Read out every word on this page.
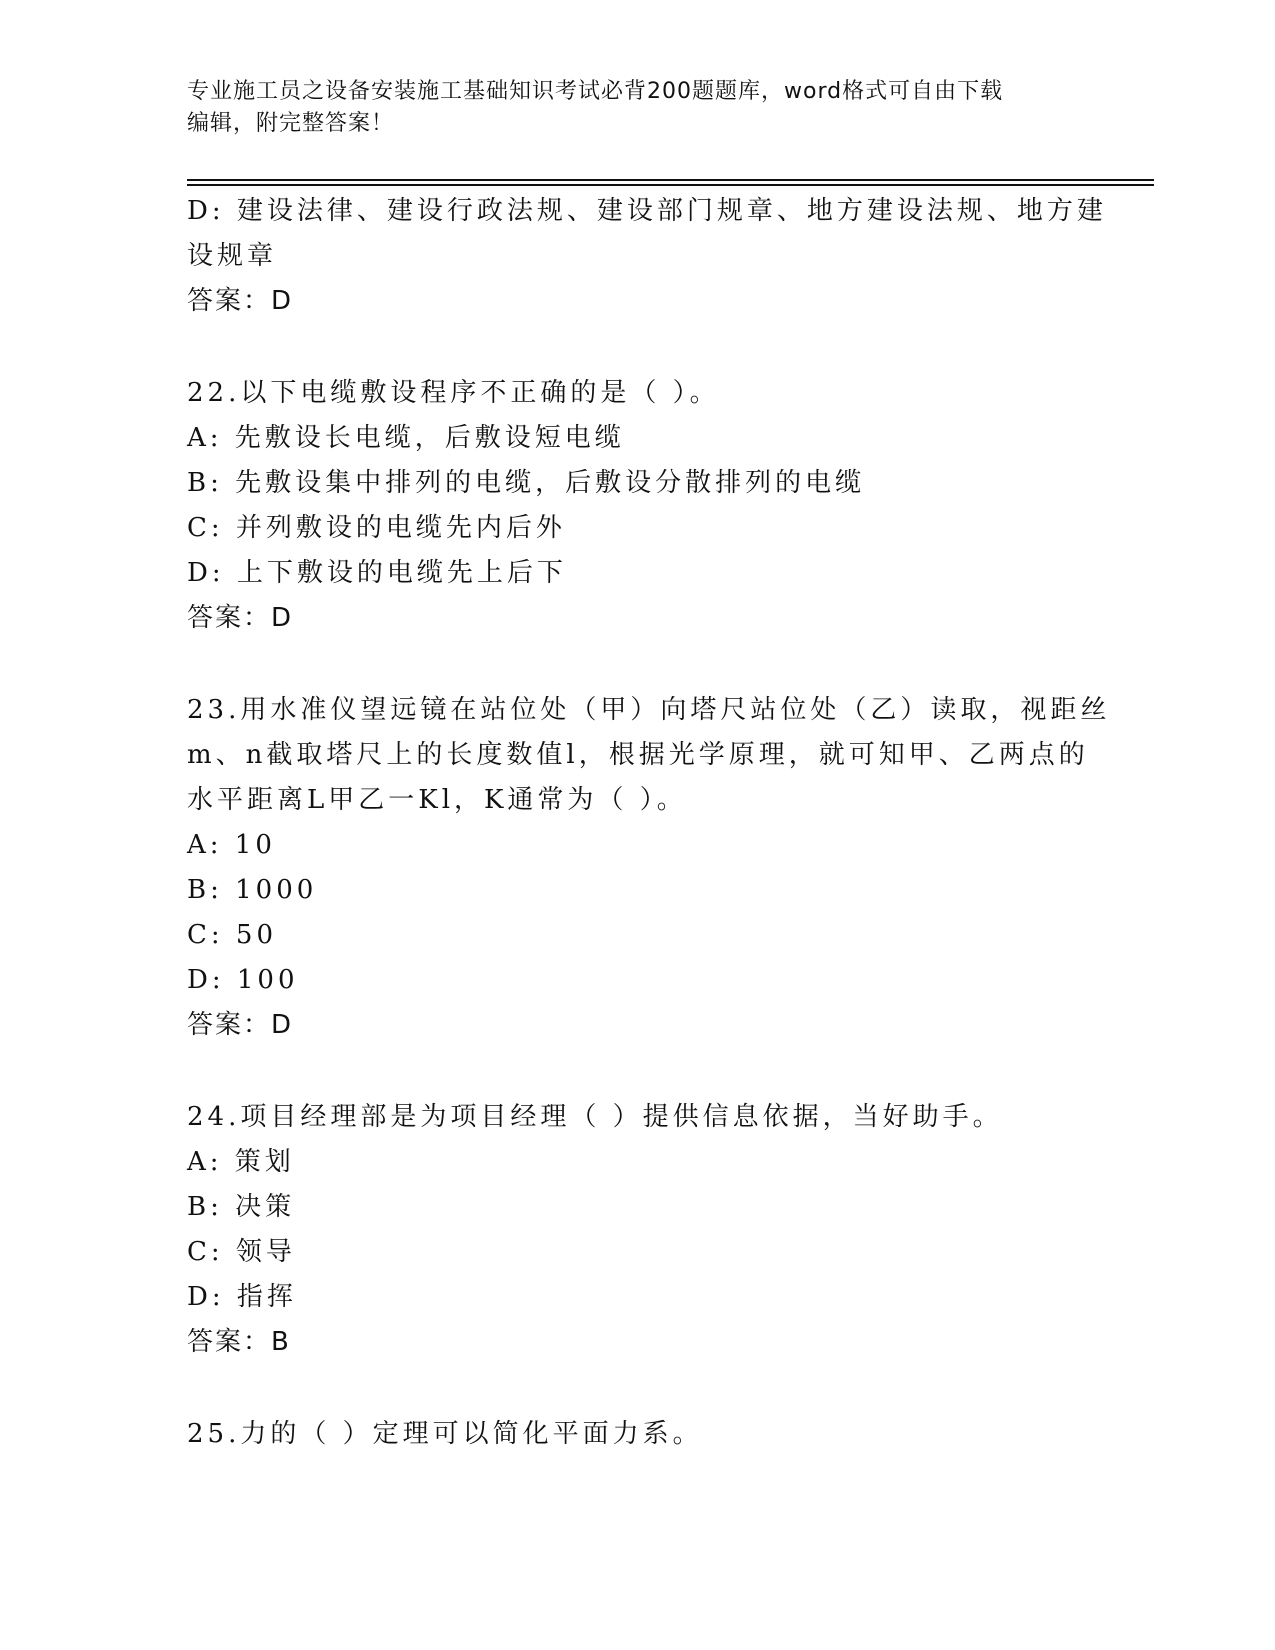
专业施工员之设备安装施工基础知识考试必背200题题库，word格式可自由下载
编辑，附完整答案！
D: 建设法律、建设行政法规、建设部门规章、地方建设法规、地方建
设规章
答案：D
22.以下电缆敷设程序不正确的是（ ）。
A: 先敷设长电缆，后敷设短电缆
B: 先敷设集中排列的电缆，后敷设分散排列的电缆
C: 并列敷设的电缆先内后外
D: 上下敷设的电缆先上后下
答案：D
23.用水准仪望远镜在站位处（甲）向塔尺站位处（乙）读取，视距丝
m、n截取塔尺上的长度数值l，根据光学原理，就可知甲、乙两点的
水平距离L甲乙一Kl，K通常为（ ）。
A: 10
B: 1000
C: 50
D: 100
答案：D
24.项目经理部是为项目经理（ ）提供信息依据，当好助手。
A: 策划
B: 决策
C: 领导
D: 指挥
答案：B
25.力的（ ）定理可以简化平面力系。
